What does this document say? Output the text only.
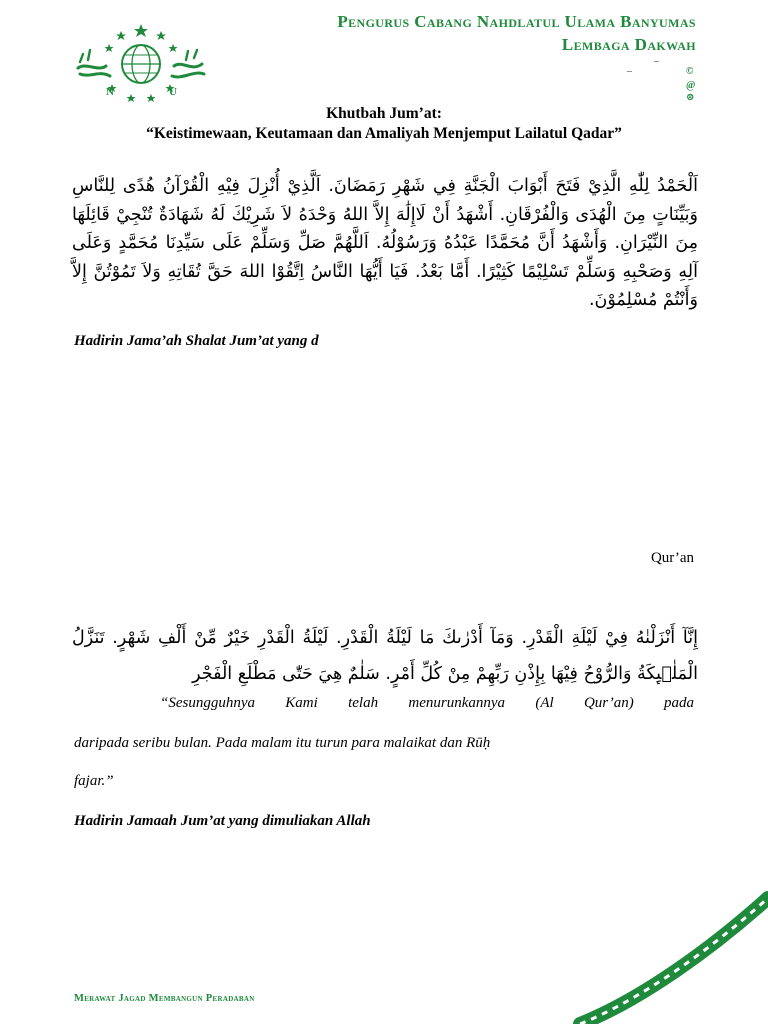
N	U
Pengurus Cabang Nahdlatul Ulama Banyumas
Lembaga Dakwah
–
–
©
@
⊜
Khutbah Jum’at:
“Keistimewaan, Keutamaan dan Amaliyah Menjemput Lailatul Qadar”
اَلْحَمْدُ لِلّٰهِ الَّذِيْ فَتَحَ أَبْوَابَ الْجَنَّةِ فِي شَهْرِ رَمَضَانَ. اَلَّذِيْ أُنْزِلَ فِيْهِ الْقُرْآنُ هُدًى لِلنَّاسِ وَبَيِّنَاتٍ مِنَ الْهُدَى وَالْفُرْقَانِ. أَشْهَدُ أَنْ لَاإِلَٰهَ إِلاَّ اللهُ وَحْدَهُ لاَ شَرِيْكَ لَهُ شَهَادَةٌ تُنْجِيْ قَائِلَهَا مِنَ النِّيْرَانِ. وَأَشْهَدُ أَنَّ مُحَمَّدًا عَبْدُهُ وَرَسُوْلُهُ. اَللَّهُمَّ صَلِّ وَسَلِّمْ عَلَى سَيِّدِنَا مُحَمَّدٍ وَعَلَى آلِهِ وَصَحْبِهِ وَسَلِّمْ تَسْلِيْمًا كَثِيْرًا. أَمَّا بَعْدُ. فَيَا أَيُّهَا النَّاسُ اِتَّقُوْا اللهَ حَقَّ تُقَاتِهِ وَلاَ تَمُوْتُنَّ إِلاَّ وَأَنْتُمْ مُسْلِمُوْنَ.
Hadirin Jama’ah Shalat Jum’at yang d
Qur’an
إِنَّآ أَنْزَلْنٰهُ فِيْ لَيْلَةِ الْقَدْرِ. وَمَآ أَدْرٰىكَ مَا لَيْلَةُ الْقَدْرِ. لَيْلَةُ الْقَدْرِ خَيْرٌ مِّنْ أَلْفِ شَهْرٍ. تَنَزَّلُ الْمَلٰۤىِٕكَةُ وَالرُّوْحُ فِيْهَا بِإِذْنِ رَبِّهِمْ مِنْ كُلِّ أَمْرٍ. سَلٰمٌ هِيَ حَتّٰى مَطْلَعِ الْفَجْرِ
“Sesungguhnya Kami telah menurunkannya (Al Qur’an) pada
daripada seribu bulan. Pada malam itu turun para malaikat dan Rūḥ
fajar.”
Hadirin Jamaah Jum’at yang dimuliakan Allah
Merawat Jagad Membangun Peradaban
